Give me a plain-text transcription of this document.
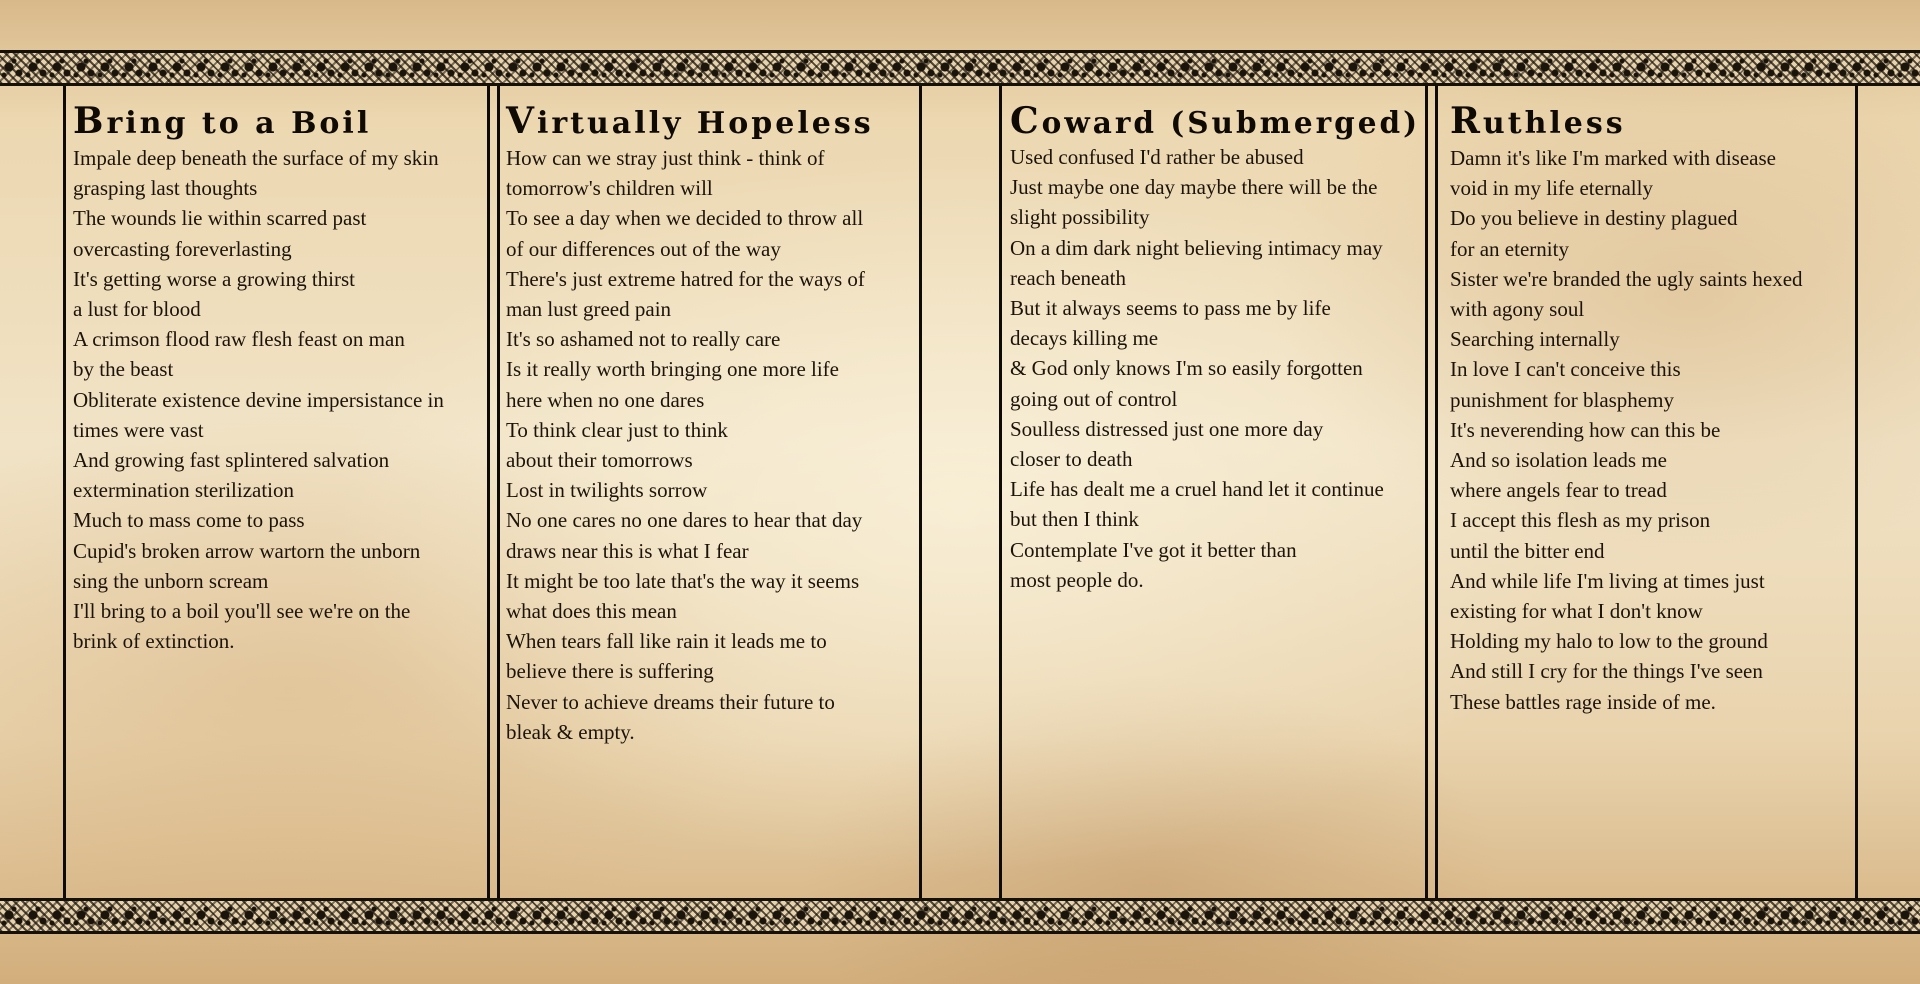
Bring to a Boil
Impale deep beneath the surface of my skin
grasping last thoughts
The wounds lie within scarred past
overcasting foreverlasting
It's getting worse a growing thirst
a lust for blood
A crimson flood raw flesh feast on man
by the beast
Obliterate existence devine impersistance in
times were vast
And growing fast splintered salvation
extermination sterilization
Much to mass come to pass
Cupid's broken arrow wartorn the unborn
sing the unborn scream
I'll bring to a boil you'll see we're on the
brink of extinction.
Virtually Hopeless
How can we stray just think - think of
tomorrow's children will
To see a day when we decided to throw all
of our differences out of the way
There's just extreme hatred for the ways of
man lust greed pain
It's so ashamed not to really care
Is it really worth bringing one more life
here when no one dares
To think clear just to think
about their tomorrows
Lost in twilights sorrow
No one cares no one dares to hear that day
draws near this is what I fear
It might be too late that's the way it seems
what does this mean
When tears fall like rain it leads me to
believe there is suffering
Never to achieve dreams their future to
bleak & empty.
Coward (Submerged)
Used confused I'd rather be abused
Just maybe one day maybe there will be the
slight possibility
On a dim dark night believing intimacy may
reach beneath
But it always seems to pass me by life
decays killing me
& God only knows I'm so easily forgotten
going out of control
Soulless distressed just one more day
closer to death
Life has dealt me a cruel hand let it continue
but then I think
Contemplate I've got it better than
most people do.
Ruthless
Damn it's like I'm marked with disease
void in my life eternally
Do you believe in destiny plagued
for an eternity
Sister we're branded the ugly saints hexed
with agony soul
Searching internally
In love I can't conceive this
punishment for blasphemy
It's neverending how can this be
And so isolation leads me
where angels fear to tread
I accept this flesh as my prison
until the bitter end
And while life I'm living at times just
existing for what I don't know
Holding my halo to low to the ground
And still I cry for the things I've seen
These battles rage inside of me.
